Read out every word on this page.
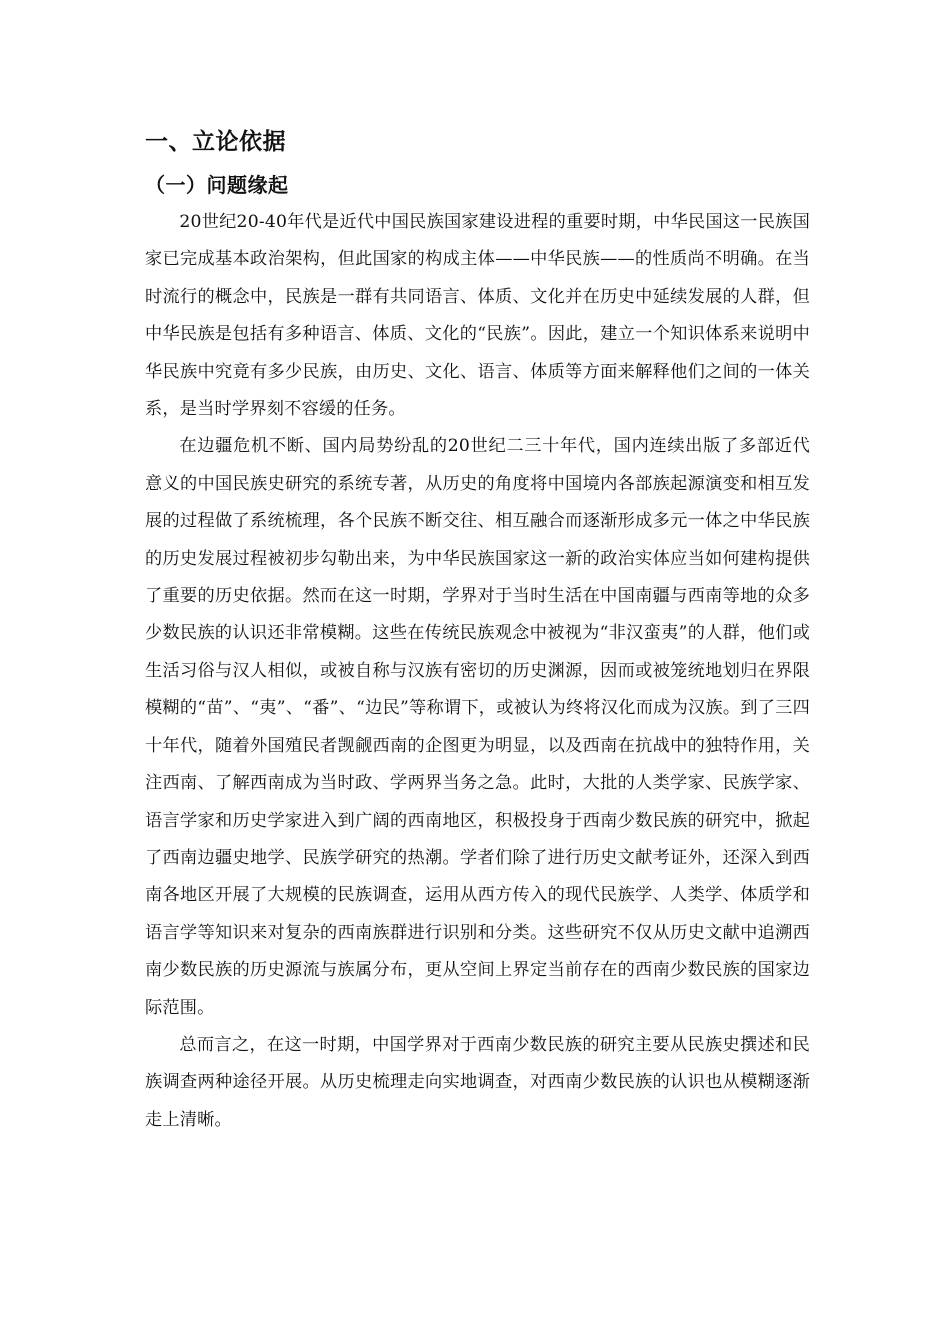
一、立论依据
（一）问题缘起

20世纪20-40年代是近代中国民族国家建设进程的重要时期，中华民国这一民族国家已完成基本政治架构，但此国家的构成主体——中华民族——的性质尚不明确。在当时流行的概念中，民族是一群有共同语言、体质、文化并在历史中延续发展的人群，但中华民族是包括有多种语言、体质、文化的“民族”。因此，建立一个知识体系来说明中华民族中究竟有多少民族，由历史、文化、语言、体质等方面来解释他们之间的一体关系，是当时学界刻不容缓的任务。

在边疆危机不断、国内局势纷乱的20世纪二三十年代，国内连续出版了多部近代意义的中国民族史研究的系统专著，从历史的角度将中国境内各部族起源演变和相互发展的过程做了系统梳理，各个民族不断交往、相互融合而逐渐形成多元一体之中华民族的历史发展过程被初步勾勒出来，为中华民族国家这一新的政治实体应当如何建构提供了重要的历史依据。然而在这一时期，学界对于当时生活在中国南疆与西南等地的众多少数民族的认识还非常模糊。这些在传统民族观念中被视为“非汉蛮夷”的人群，他们或生活习俗与汉人相似，或被自称与汉族有密切的历史渊源，因而或被笼统地划归在界限模糊的“苗”、“夷”、“番”、“边民”等称谓下，或被认为终将汉化而成为汉族。到了三四十年代，随着外国殖民者觊觎西南的企图更为明显，以及西南在抗战中的独特作用，关注西南、了解西南成为当时政、学两界当务之急。此时，大批的人类学家、民族学家、语言学家和历史学家进入到广阔的西南地区，积极投身于西南少数民族的研究中，掀起了西南边疆史地学、民族学研究的热潮。学者们除了进行历史文献考证外，还深入到西南各地区开展了大规模的民族调查，运用从西方传入的现代民族学、人类学、体质学和语言学等知识来对复杂的西南族群进行识别和分类。这些研究不仅从历史文献中追溯西南少数民族的历史源流与族属分布，更从空间上界定当前存在的西南少数民族的国家边际范围。

总而言之，在这一时期，中国学界对于西南少数民族的研究主要从民族史撰述和民族调查两种途径开展。从历史梳理走向实地调查，对西南少数民族的认识也从模糊逐渐走上清晰。
